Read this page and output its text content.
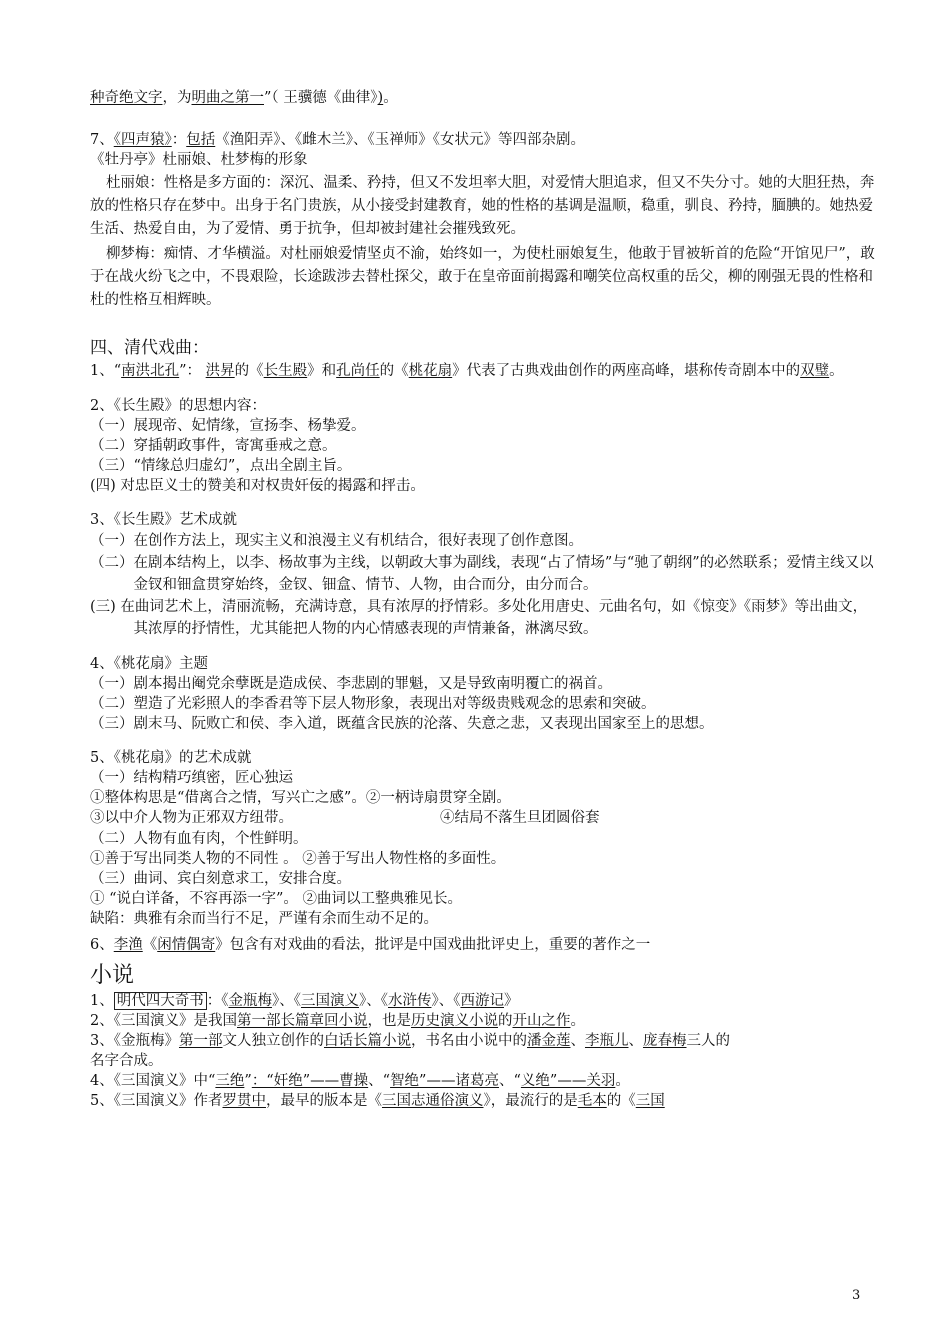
种奇绝文字，为明曲之第一”（ 王骥德《曲律》)。
7、《四声猿》：包括《渔阳弄》、《雌木兰》、《玉禅师》《女状元》等四部杂剧。
《牡丹亭》杜丽娘、杜梦梅的形象
杜丽娘：性格是多方面的：深沉、温柔、矜持，但又不发坦率大胆，对爱情大胆追求，但又不失分寸。她的大胆狂热，奔放的性格只存在梦中。出身于名门贵族，从小接受封建教育，她的性格的基调是温顺，稳重，驯良、矜持，腼腆的。她热爱生活、热爱自由，为了爱情、勇于抗争，但却被封建社会摧残致死。
柳梦梅：痴情、才华横溢。对杜丽娘爱情坚贞不渝，始终如一，为使杜丽娘复生，他敢于冒被斩首的危险“开馆见尸”，敢于在战火纷飞之中，不畏艰险，长途跋涉去替杜探父，敢于在皇帝面前揭露和嘲笑位高权重的岳父，柳的刚强无畏的性格和杜的性格互相辉映。
四、清代戏曲：
1、“南洪北孔”： 洪昇的《长生殿》和孔尚任的《桃花扇》代表了古典戏曲创作的两座高峰，堪称传奇剧本中的双璧。
2、《长生殿》的思想内容：
（一）展现帝、妃情缘，宣扬李、杨挚爱。
（二）穿插朝政事件，寄寓垂戒之意。
（三）“情缘总归虚幻”，点出全剧主旨。
(四) 对忠臣义士的赞美和对权贵奸佞的揭露和抨击。
3、《长生殿》艺术成就
（一）在创作方法上，现实主义和浪漫主义有机结合，很好表现了创作意图。
（二）在剧本结构上，以李、杨故事为主线，以朝政大事为副线，表现“占了情场”与“驰了朝纲”的必然联系；爱情主线又以金钗和钿盒贯穿始终，金钗、钿盒、情节、人物，由合而分，由分而合。
(三) 在曲词艺术上，清丽流畅，充满诗意，具有浓厚的抒情彩。多处化用唐史、元曲名句，如《惊变》《雨梦》等出曲文，其浓厚的抒情性，尤其能把人物的内心情感表现的声情兼备，淋漓尽致。
4、《桃花扇》主题
（一）剧本揭出阉党余孽既是造成侯、李悲剧的罪魁，又是导致南明覆亡的祸首。
（二）塑造了光彩照人的李香君等下层人物形象，表现出对等级贵贱观念的思索和突破。
（三）剧末马、阮败亡和侯、李入道，既蕴含民族的沦落、失意之悲，又表现出国家至上的思想。
5、《桃花扇》的艺术成就
（一）结构精巧缜密，匠心独运
①整体构思是“借离合之情，写兴亡之感”。②一柄诗扇贯穿全剧。
③以中介人物为正邪双方纽带。	④结局不落生旦团圆俗套
（二）人物有血有肉，个性鲜明。
①善于写出同类人物的不同性 。 ②善于写出人物性格的多面性。
（三）曲词、宾白刻意求工，安排合度。
① “说白详备，不容再添一字”。 ②曲词以工整典雅见长。
缺陷：典雅有余而当行不足，严谨有余而生动不足的。
6、李渔《闲情偶寄》包含有对戏曲的看法，批评是中国戏曲批评史上，重要的著作之一
小说
1、 明代四大奇书 ：《金瓶梅》、《三国演义》、《水浒传》、《西游记》
2、《三国演义》是我国第一部长篇章回小说，也是历史演义小说的开山之作。
3、《金瓶梅》第一部文人独立创作的白话长篇小说，书名由小说中的潘金莲、李瓶儿、庞春梅三人的
名字合成。
4、《三国演义》中“三绝”：“奸绝”——曹操、“智绝”——诸葛亮、“义绝”——关羽。
5、《三国演义》作者罗贯中，最早的版本是《三国志通俗演义》，最流行的是毛本的《三国
3
